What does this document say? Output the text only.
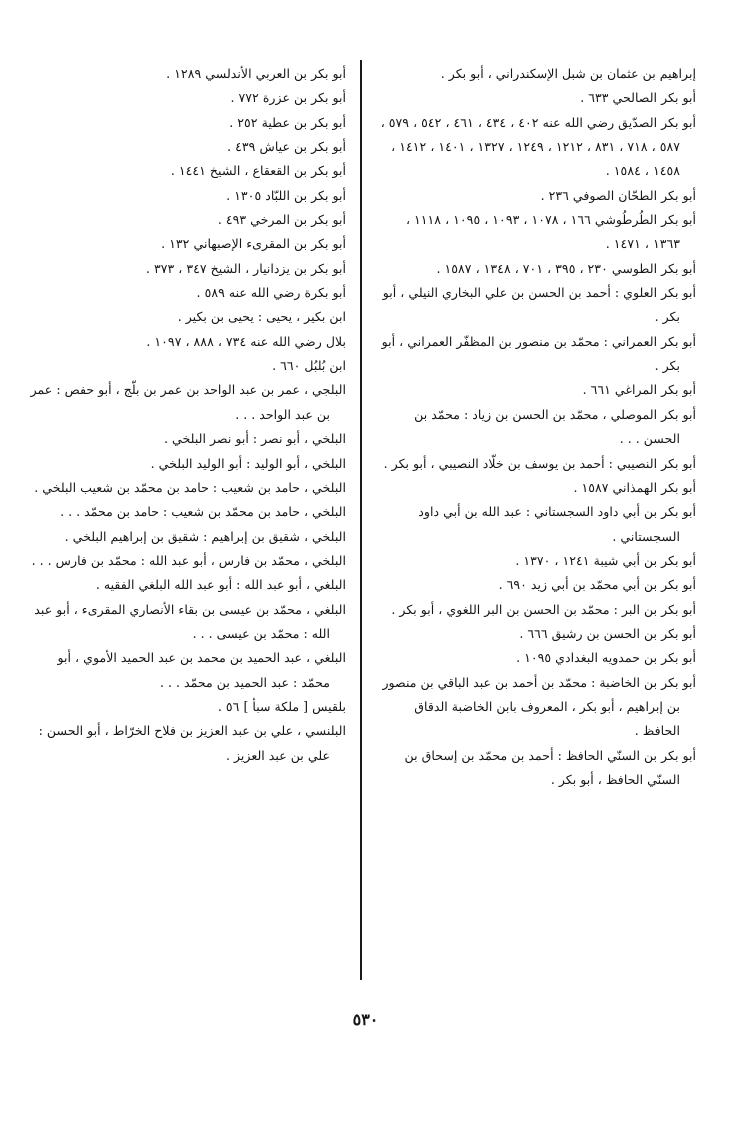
إبراهيم بن عثمان بن شبل الإسكندراني ، أبو بكر .

أبو بكر الصالحي ٦٣٣ .

أبو بكر الصدّيق رضي الله عنه ٤٠٢ ، ٤٣٤ ، ٤٦١ ، ٥٤٢ ، ٥٧٩ ، ٥٨٧ ، ٧١٨ ، ٨٣١ ، ١٢١٢ ، ١٢٤٩ ، ١٣٢٧ ، ١٤٠١ ، ١٤١٢ ، ١٤٥٨ ، ١٥٨٤ .

أبو بكر الطحّان الصوفي ٢٣٦ .

أبو بكر الطُرطُوشي ١٦٦ ، ١٠٧٨ ، ١٠٩٣ ، ١٠٩٥ ، ١١١٨ ، ١٣٦٣ ، ١٤٧١ .

أبو بكر الطوسي ٢٣٠ ، ٣٩٥ ، ٧٠١ ، ١٣٤٨ ، ١٥٨٧ .

أبو بكر العلوي : أحمد بن الحسن بن علي البخاري النيلي ، أبو بكر .

أبو بكر العمراني : محمّد بن منصور بن المظفّر العمراني ، أبو بكر .

أبو بكر المراغي ٦٦١ .

أبو بكر الموصلي ، محمّد بن الحسن بن زياد : محمّد بن الحسن . . .

أبو بكر النصيبي : أحمد بن يوسف بن خلّاد النصيبي ، أبو بكر .

أبو بكر الهمذاني ١٥٨٧ .

أبو بكر بن أبي داود السجستاني : عبد الله بن أبي داود السجستاني .

أبو بكر بن أبي شيبة ١٢٤١ ، ١٣٧٠ .

أبو بكر بن أبي محمّد بن أبي زيد ٦٩٠ .

أبو بكر بن البر : محمّد بن الحسن بن البر اللغوي ، أبو بكر .

أبو بكر بن الحسن بن رشيق ٦٦٦ .

أبو بكر بن حمدويه البغدادي ١٠٩٥ .

أبو بكر بن الخاضبة : محمّد بن أحمد بن عبد الباقي بن منصور بن إبراهيم ، أبو بكر ، المعروف بابن الخاضبة الدقاق الحافظ .

أبو بكر بن السنّي الحافظ : أحمد بن محمّد بن إسحاق بن السنّي الحافظ ، أبو بكر .

أبو بكر بن العربي الأندلسي ١٢٨٩ .

أبو بكر بن عزرة ٧٧٢ .

أبو بكر بن عطية ٢٥٢ .

أبو بكر بن عياش ٤٣٩ .

أبو بكر بن القعقاع ، الشيخ ١٤٤١ .

أبو بكر بن اللبّاد ١٣٠٥ .

أبو بكر بن المرخي ٤٩٣ .

أبو بكر بن المقرىء الإصبهاني ١٣٢ .

أبو بكر بن يزدانيار ، الشيخ ٣٤٧ ، ٣٧٣ .

أبو بكرة رضي الله عنه ٥٨٩ .

ابن بكير ، يحيى : يحيى بن بكير .

بلال رضي الله عنه ٧٣٤ ، ٨٨٨ ، ١٠٩٧ .

ابن بُلبُل ٦٦٠ .

البلجي ، عمر بن عبد الواحد بن عمر بن بلّج ، أبو حفص : عمر بن عبد الواحد . . .

البلخي ، أبو نصر : أبو نصر البلخي .

البلخي ، أبو الوليد : أبو الوليد البلخي .

البلخي ، حامد بن شعيب : حامد بن محمّد بن شعيب البلخي .

البلخي ، حامد بن محمّد بن شعيب : حامد بن محمّد . . .

البلخي ، شقيق بن إبراهيم : شقيق بن إبراهيم البلخي .

البلخي ، محمّد بن فارس ، أبو عبد الله : محمّد بن فارس . . .

البلغي ، أبو عبد الله : أبو عبد الله البلغي الفقيه .

البلغي ، محمّد بن عيسى بن بقاء الأنصاري المقرىء ، أبو عبد الله : محمّد بن عيسى . . .

البلغي ، عبد الحميد بن محمد بن عبد الحميد الأموي ، أبو محمّد : عبد الحميد بن محمّد . . .

بلقيس [ ملكة سبأ ] ٥٦ .

البلنسي ، علي بن عبد العزيز بن فلاح الخرّاط ، أبو الحسن : علي بن عبد العزيز .

٥٣٠
